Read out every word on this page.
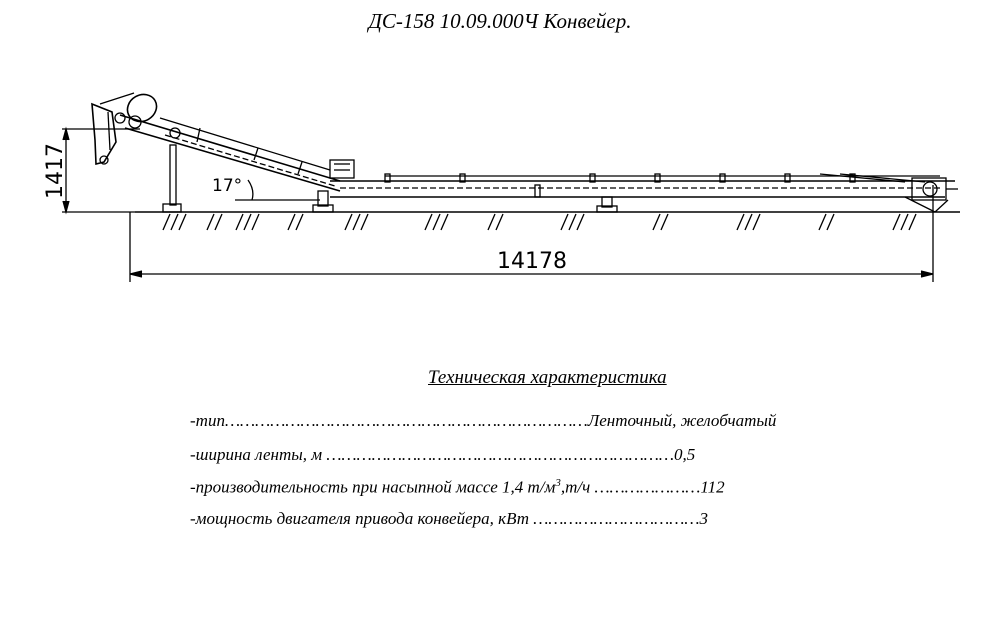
ДС-158 10.09.000Ч Конвейер.
1417
14178
17°
Техническая характеристика
-тип………………………………………………………………Ленточный, желобчатый
-ширина ленты, м ……………………………………………………………0,5
-производительность при насыпной массе 1,4 $т/м^3,т/ч$ …………………112
-мощность двигателя привода конвейера, кВт ……………………………3
